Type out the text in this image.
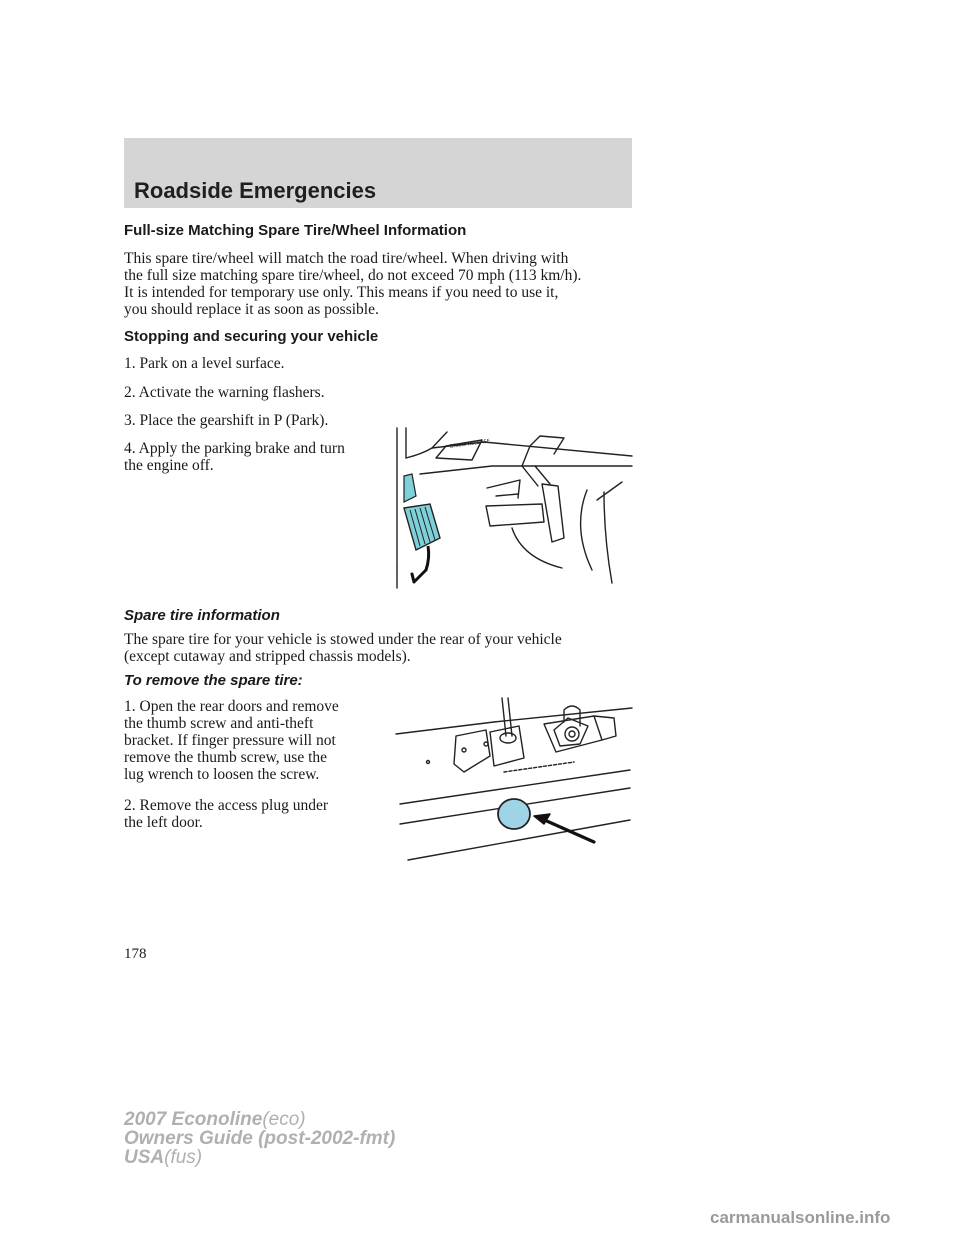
Roadside Emergencies
Full-size Matching Spare Tire/Wheel Information
This spare tire/wheel will match the road tire/wheel. When driving with
the full size matching spare tire/wheel, do not exceed 70 mph (113 km/h).
It is intended for temporary use only. This means if you need to use it,
you should replace it as soon as possible.
Stopping and securing your vehicle
1. Park on a level surface.
2. Activate the warning flashers.
3. Place the gearshift in P (Park).
4. Apply the parking brake and turn
the engine off.
BRAKE RELEASE
Spare tire information
The spare tire for your vehicle is stowed under the rear of your vehicle
(except cutaway and stripped chassis models).
To remove the spare tire:
1. Open the rear doors and remove
the thumb screw and anti-theft
bracket. If finger pressure will not
remove the thumb screw, use the
lug wrench to loosen the screw.
2. Remove the access plug under
the left door.
178
2007 Econoline(eco)
Owners Guide (post-2002-fmt)
USA(fus)
carmanualsonline.info
